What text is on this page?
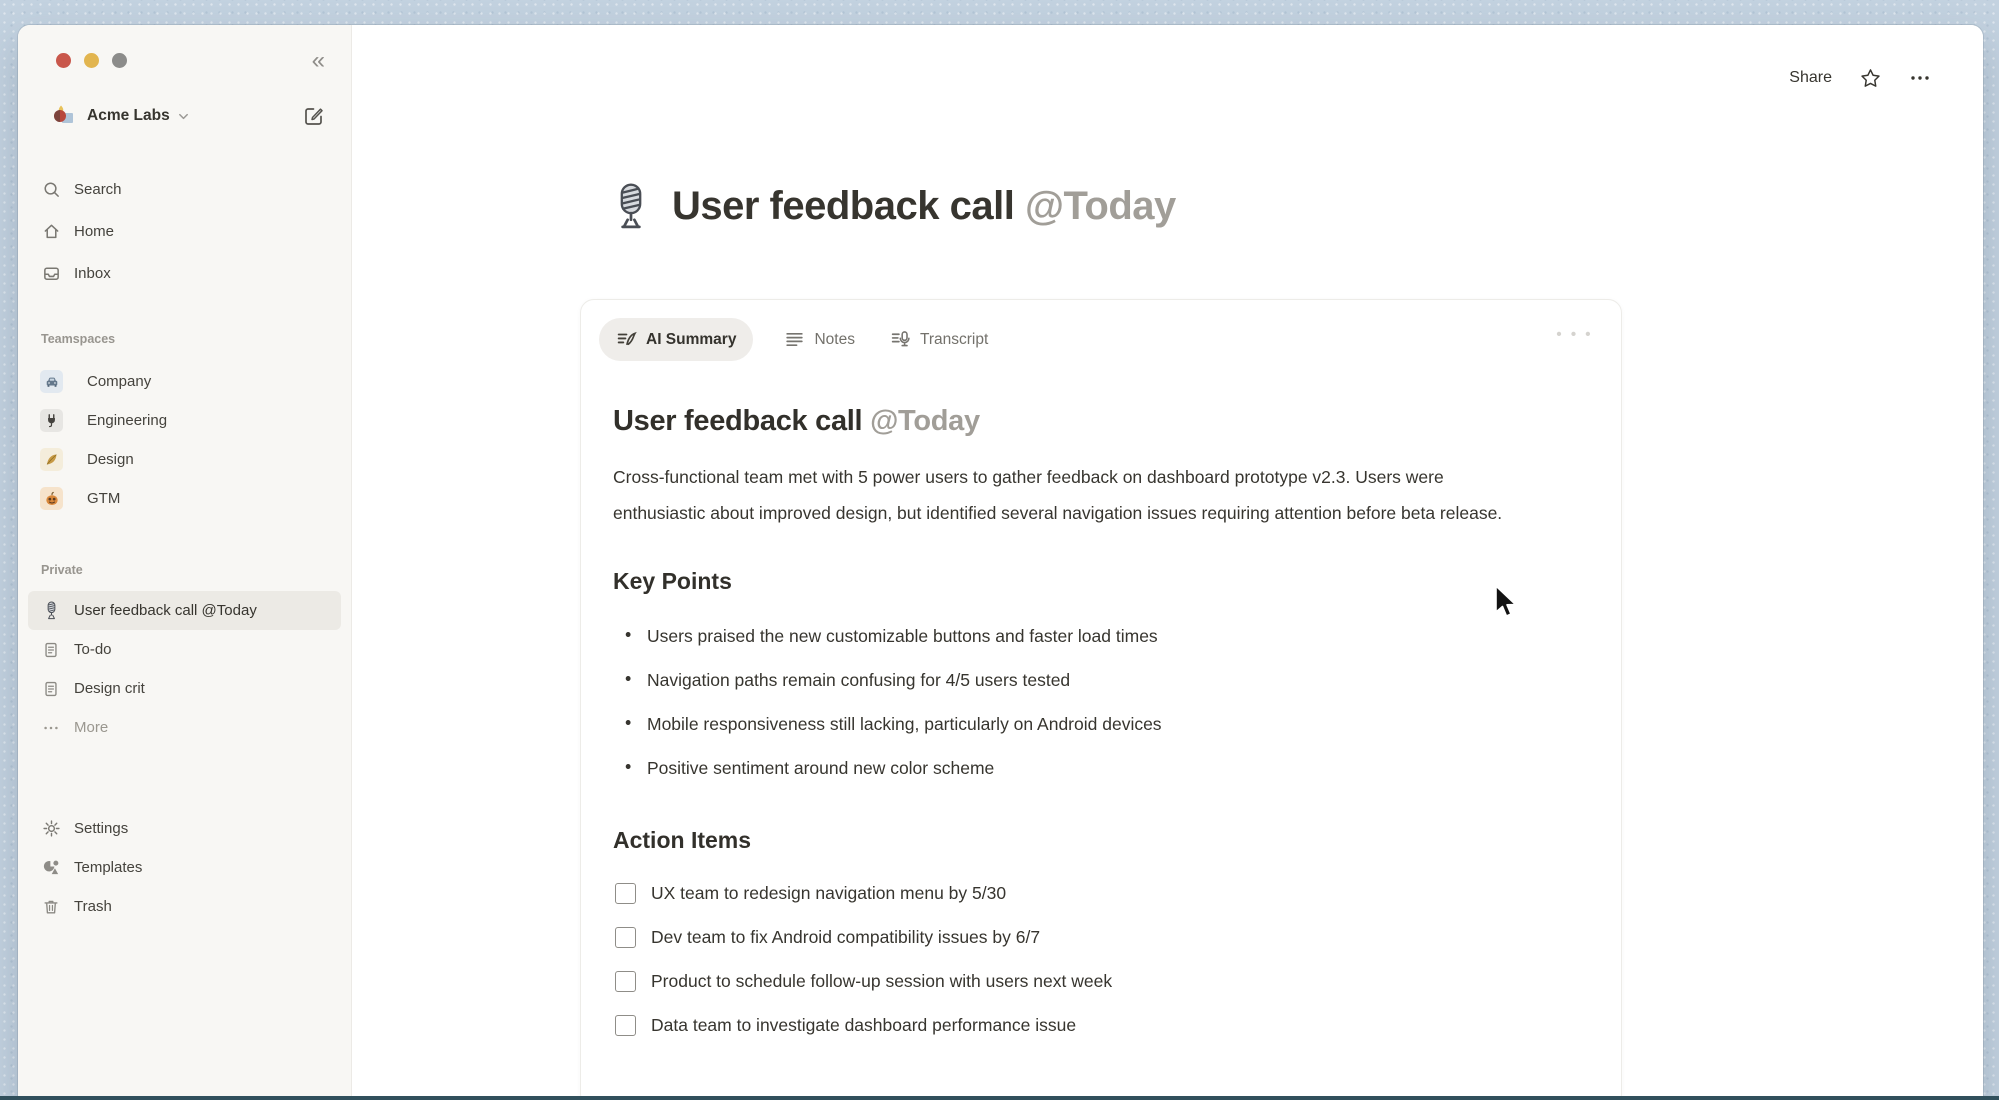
«
Acme Labs
Search
Home
Inbox
Teamspaces
Company
Engineering
Design
GTM
Private
User feedback call @Today
To-do
Design crit
More
Settings
Templates
Trash
Share
User feedback call @Today
AI Summary	Notes	Transcript	• • •
User feedback call @Today

Cross-functional team met with 5 power users to gather feedback on dashboard prototype v2.3. Users were enthusiastic about improved design, but identified several navigation issues requiring attention before beta release.

Key Points
• Users praised the new customizable buttons and faster load times
• Navigation paths remain confusing for 4/5 users tested
• Mobile responsiveness still lacking, particularly on Android devices
• Positive sentiment around new color scheme
Action Items
UX team to redesign navigation menu by 5/30
Dev team to fix Android compatibility issues by 6/7
Product to schedule follow-up session with users next week
Data team to investigate dashboard performance issue
